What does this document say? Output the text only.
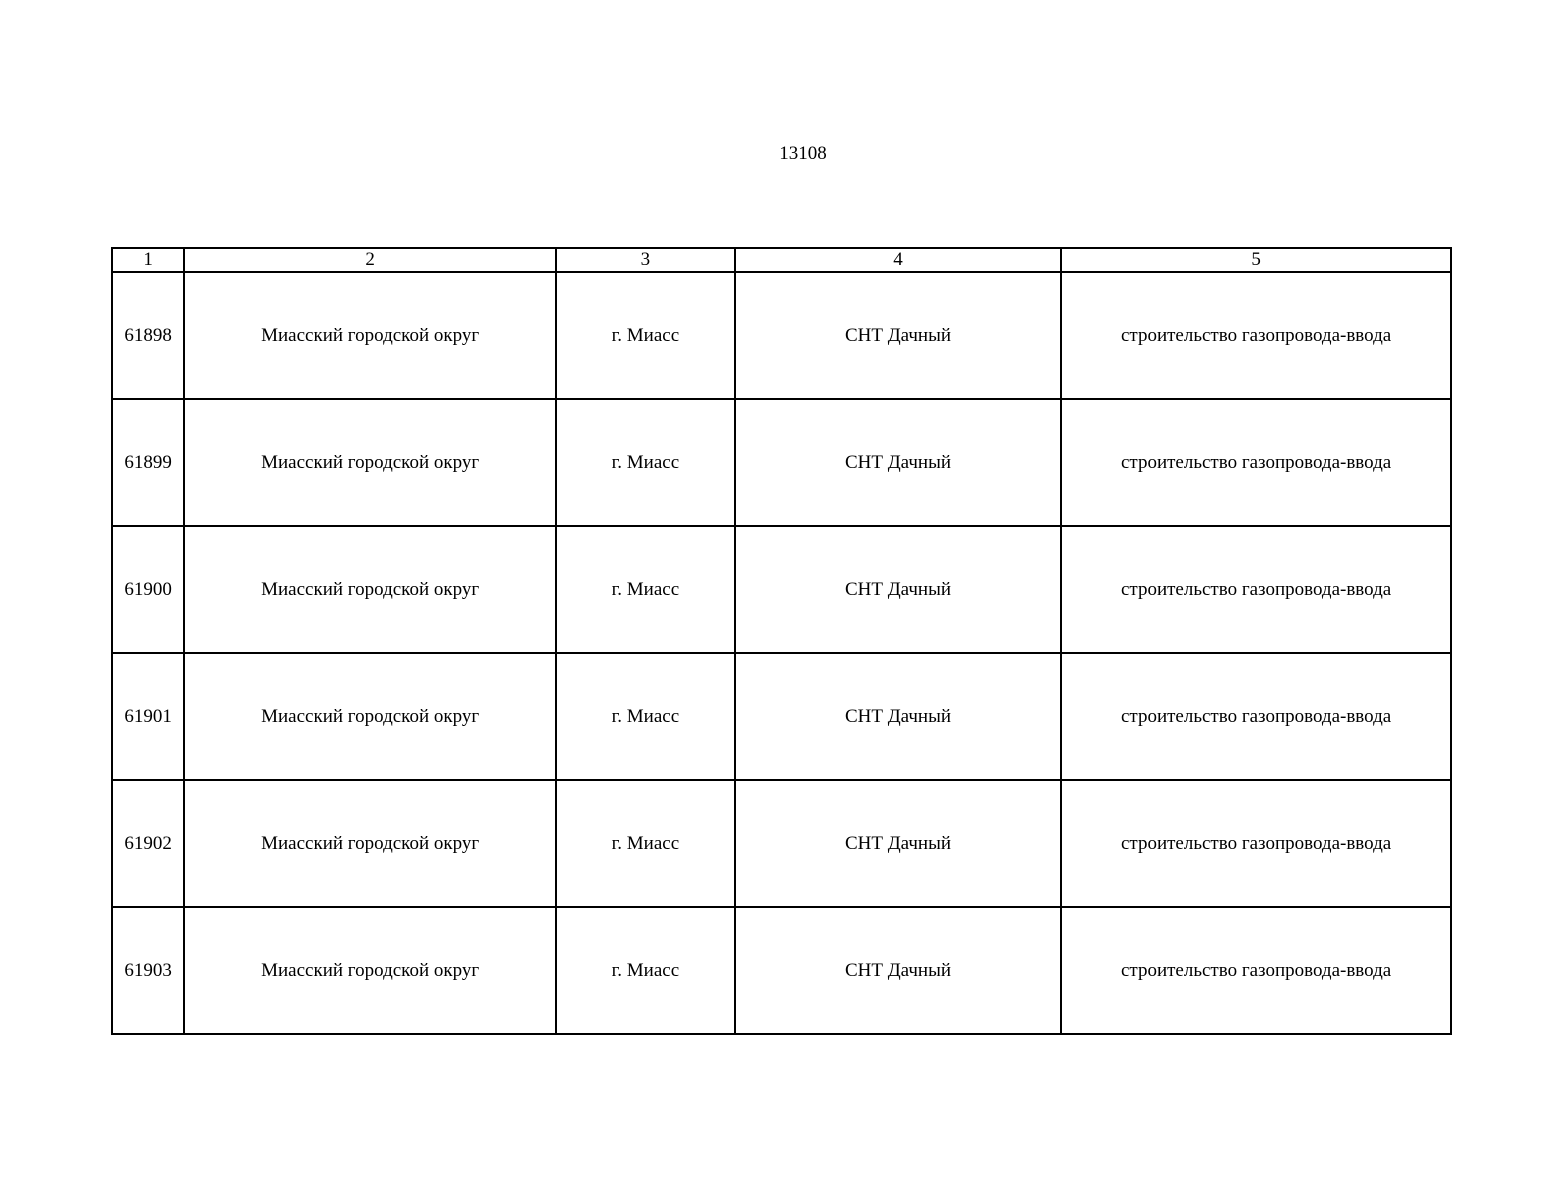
13108
1	2	3	4	5
61898	Миасский городской округ	г. Миасс	СНТ Дачный	строительство газопровода-ввода
61899	Миасский городской округ	г. Миасс	СНТ Дачный	строительство газопровода-ввода
61900	Миасский городской округ	г. Миасс	СНТ Дачный	строительство газопровода-ввода
61901	Миасский городской округ	г. Миасс	СНТ Дачный	строительство газопровода-ввода
61902	Миасский городской округ	г. Миасс	СНТ Дачный	строительство газопровода-ввода
61903	Миасский городской округ	г. Миасс	СНТ Дачный	строительство газопровода-ввода
